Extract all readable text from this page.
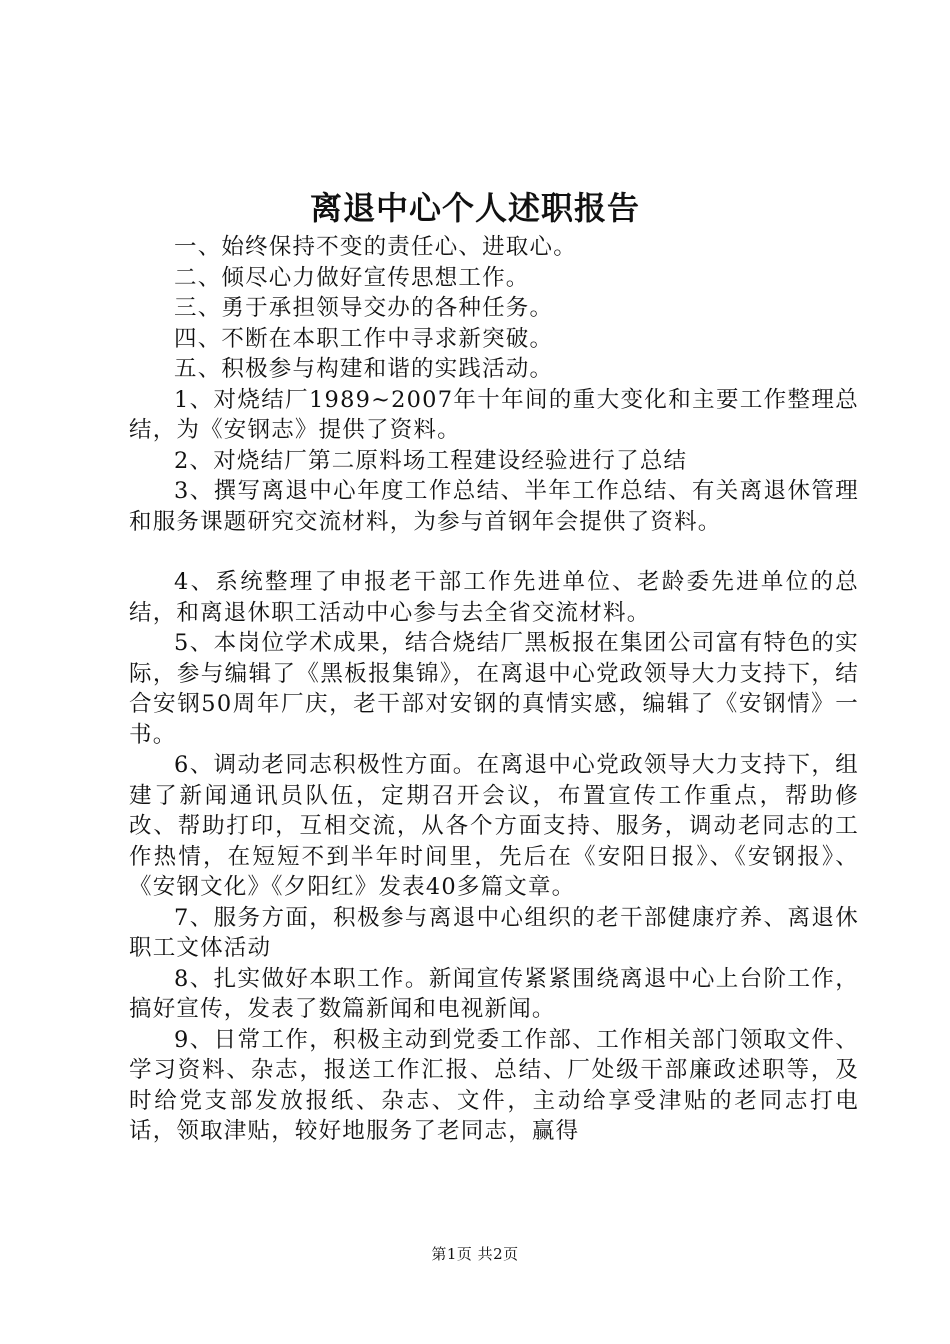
离退中心个人述职报告

一、始终保持不变的责任心、进取心。

二、倾尽心力做好宣传思想工作。

三、勇于承担领导交办的各种任务。

四、不断在本职工作中寻求新突破。

五、积极参与构建和谐的实践活动。

1、对烧结厂1989~2007年十年间的重大变化和主要工作整理总结，为《安钢志》提供了资料。

2、对烧结厂第二原料场工程建设经验进行了总结

3、撰写离退中心年度工作总结、半年工作总结、有关离退休管理和服务课题研究交流材料，为参与首钢年会提供了资料。

4、系统整理了申报老干部工作先进单位、老龄委先进单位的总结，和离退休职工活动中心参与去全省交流材料。

5、本岗位学术成果，结合烧结厂黑板报在集团公司富有特色的实际，参与编辑了《黑板报集锦》，在离退中心党政领导大力支持下，结合安钢50周年厂庆，老干部对安钢的真情实感，编辑了《安钢情》一书。

6、调动老同志积极性方面。在离退中心党政领导大力支持下，组建了新闻通讯员队伍，定期召开会议，布置宣传工作重点，帮助修改、帮助打印，互相交流，从各个方面支持、服务，调动老同志的工作热情，在短短不到半年时间里，先后在《安阳日报》、《安钢报》、《安钢文化》《夕阳红》发表40多篇文章。

7、服务方面，积极参与离退中心组织的老干部健康疗养、离退休职工文体活动

8、扎实做好本职工作。新闻宣传紧紧围绕离退中心上台阶工作，搞好宣传，发表了数篇新闻和电视新闻。

9、日常工作，积极主动到党委工作部、工作相关部门领取文件、学习资料、杂志，报送工作汇报、总结、厂处级干部廉政述职等，及时给党支部发放报纸、杂志、文件，主动给享受津贴的老同志打电话，领取津贴，较好地服务了老同志，赢得

第1页 共2页
